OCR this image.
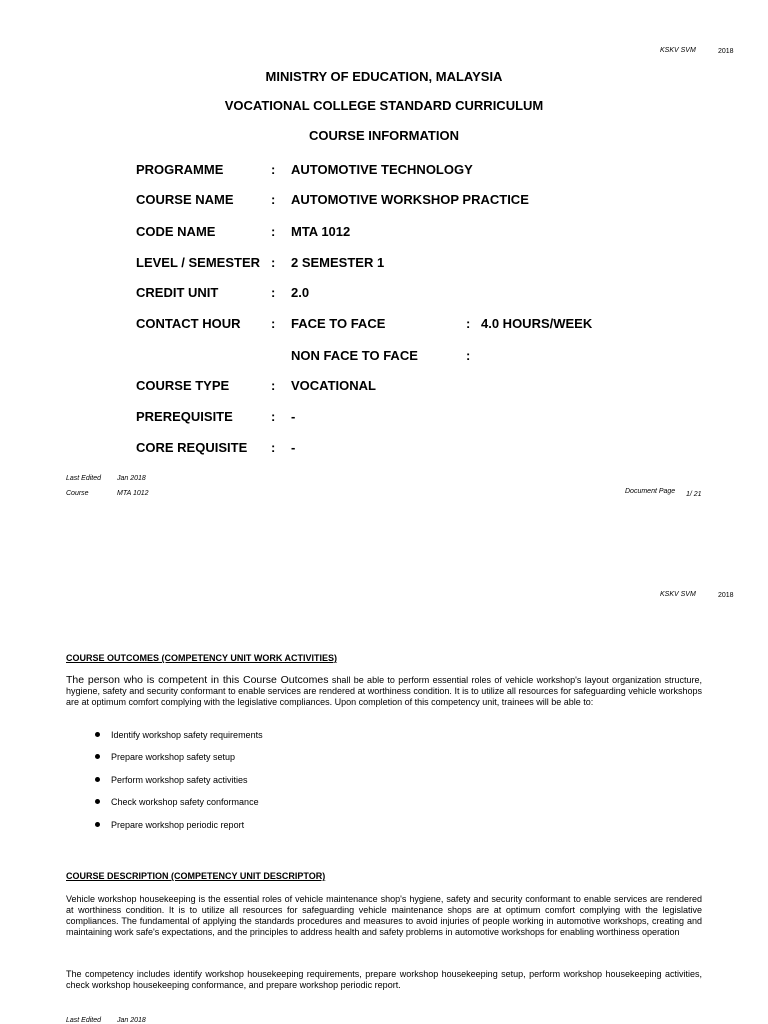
KSKV SVM	2018
MINISTRY OF EDUCATION, MALAYSIA
VOCATIONAL COLLEGE STANDARD CURRICULUM
COURSE INFORMATION
PROGRAMME	: AUTOMOTIVE TECHNOLOGY
COURSE NAME	: AUTOMOTIVE WORKSHOP PRACTICE
CODE NAME	: MTA 1012
LEVEL / SEMESTER : 2 SEMESTER 1
CREDIT UNIT	: 2.0
CONTACT HOUR : FACE TO FACE	: 4.0 HOURS/WEEK
NON FACE TO FACE	:
COURSE TYPE	: VOCATIONAL
PREREQUISITE	: -
CORE REQUISITE : -
Last Edited Jan 2018
Course	MTA 1012	Document Page 1/ 21
KSKV SVM	2018
COURSE OUTCOMES (COMPETENCY UNIT WORK ACTIVITIES)
The person who is competent in this Course Outcomes shall be able to perform essential roles of vehicle workshop's layout organization structure, hygiene, safety and security conformant to enable services are rendered at worthiness condition. It is to utilize all resources for safeguarding vehicle workshops are at optimum comfort complying with the legislative compliances. Upon completion of this competency unit, trainees will be able to:
Identify workshop safety requirements
Prepare workshop safety setup
Perform workshop safety activities
Check workshop safety conformance
Prepare workshop periodic report
COURSE DESCRIPTION (COMPETENCY UNIT DESCRIPTOR)
Vehicle workshop housekeeping is the essential roles of vehicle maintenance shop's hygiene, safety and security conformant to enable services are rendered at worthiness condition. It is to utilize all resources for safeguarding vehicle maintenance shops are at optimum comfort complying with the legislative compliances. The fundamental of applying the standards procedures and measures to avoid injuries of people working in automotive workshops, creating and maintaining work safe's expectations, and the principles to address health and safety problems in automotive workshops for enabling worthiness operation
The competency includes identify workshop housekeeping requirements, prepare workshop housekeeping setup, perform workshop housekeeping activities, check workshop housekeeping conformance, and prepare workshop periodic report.
Last Edited Jan 2018
